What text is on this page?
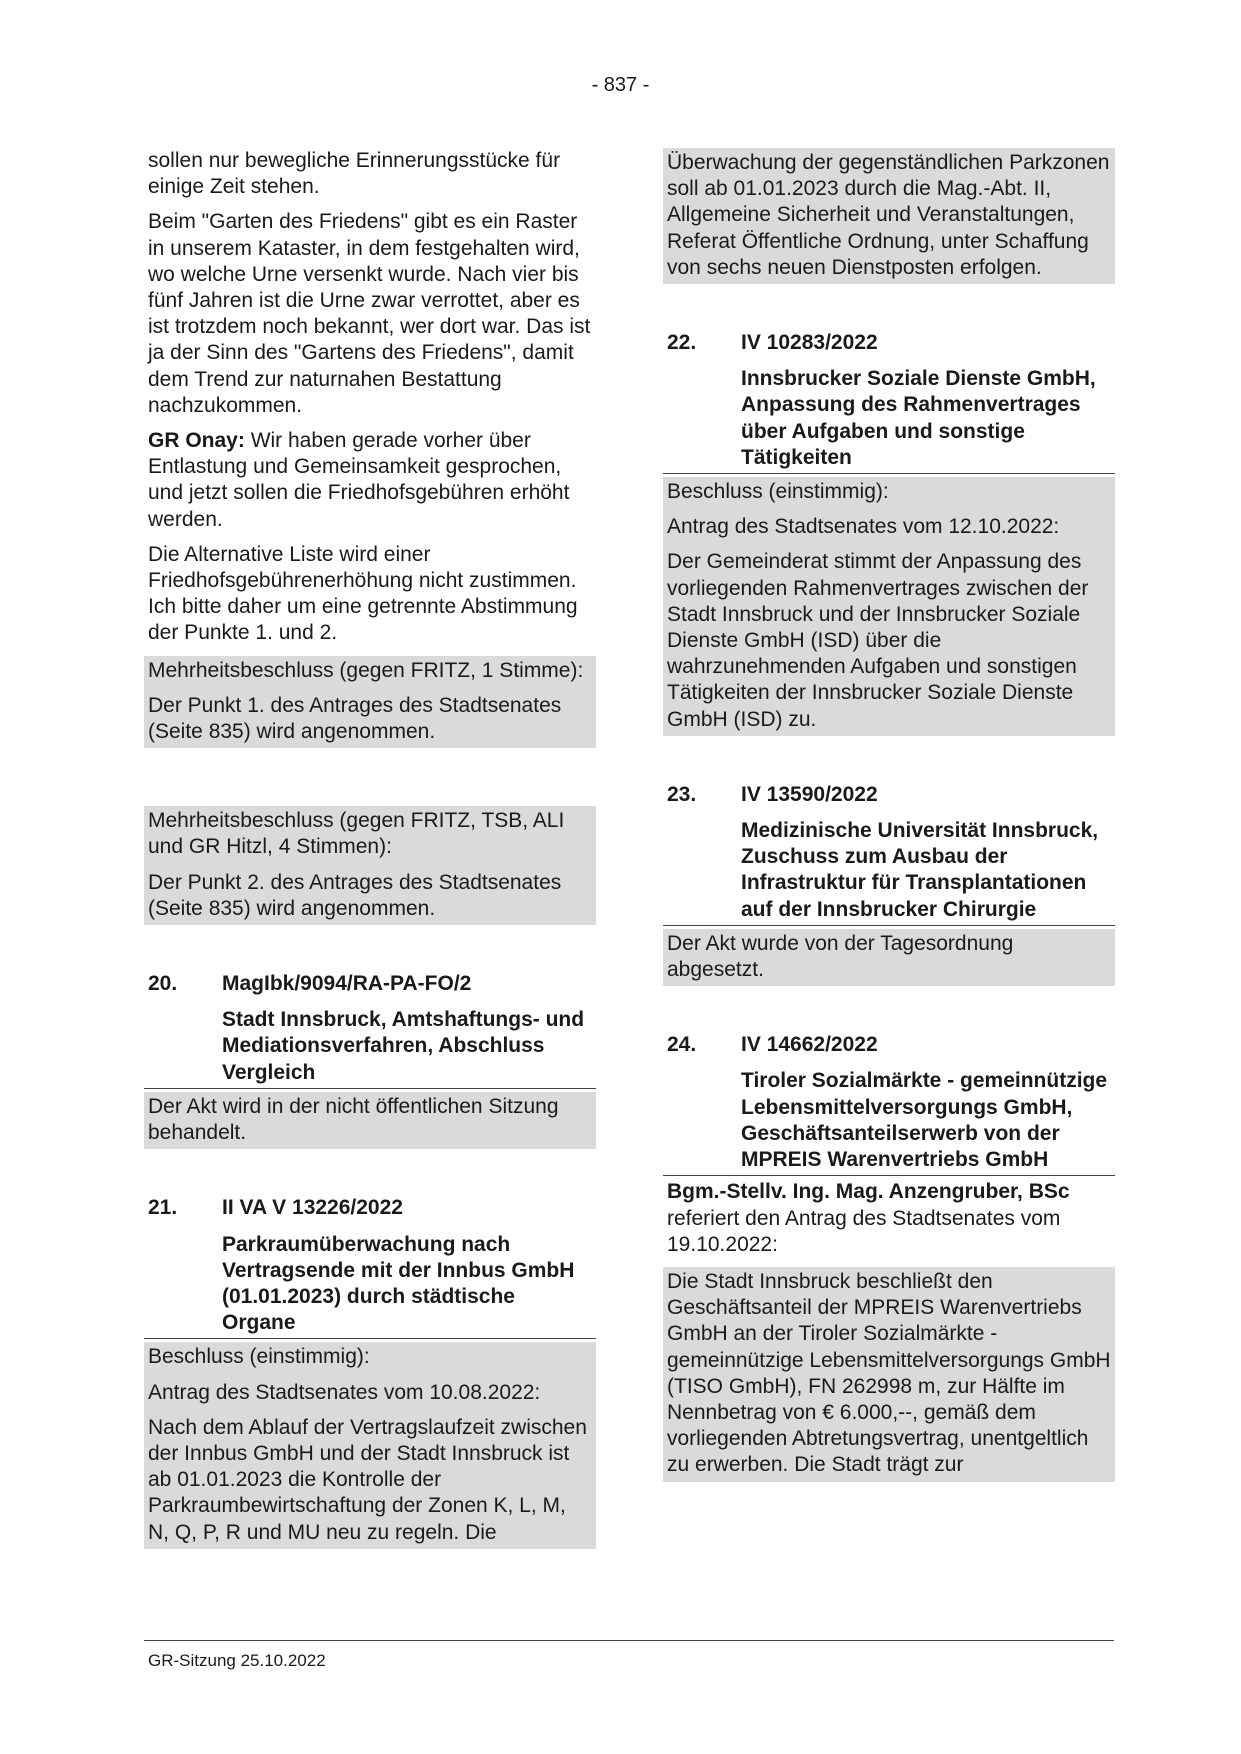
- 837 -

sollen nur bewegliche Erinnerungsstücke für einige Zeit stehen.

Beim "Garten des Friedens" gibt es ein Raster in unserem Kataster, in dem festgehalten wird, wo welche Urne versenkt wurde. Nach vier bis fünf Jahren ist die Urne zwar verrottet, aber es ist trotzdem noch bekannt, wer dort war. Das ist ja der Sinn des "Gartens des Friedens", damit dem Trend zur naturnahen Bestattung nachzukommen.

GR Onay: Wir haben gerade vorher über Entlastung und Gemeinsamkeit gesprochen, und jetzt sollen die Friedhofsgebühren erhöht werden.

Die Alternative Liste wird einer Friedhofsgebührenerhöhung nicht zustimmen. Ich bitte daher um eine getrennte Abstimmung der Punkte 1. und 2.

Mehrheitsbeschluss (gegen FRITZ, 1 Stimme):

Der Punkt 1. des Antrages des Stadtsenates (Seite 835) wird angenommen.

Mehrheitsbeschluss (gegen FRITZ, TSB, ALI und GR Hitzl, 4 Stimmen):

Der Punkt 2. des Antrages des Stadtsenates (Seite 835) wird angenommen.

20.	MagIbk/9094/RA-PA-FO/2
Stadt Innsbruck, Amtshaftungs- und Mediationsverfahren, Abschluss Vergleich

Der Akt wird in der nicht öffentlichen Sitzung behandelt.

21.	II VA V 13226/2022
Parkraumüberwachung nach Vertragsende mit der Innbus GmbH (01.01.2023) durch städtische Organe

Beschluss (einstimmig):

Antrag des Stadtsenates vom 10.08.2022:

Nach dem Ablauf der Vertragslaufzeit zwischen der Innbus GmbH und der Stadt Innsbruck ist ab 01.01.2023 die Kontrolle der Parkraumbewirtschaftung der Zonen K, L, M, N, Q, P, R und MU neu zu regeln. Die

Überwachung der gegenständlichen Parkzonen soll ab 01.01.2023 durch die Mag.-Abt. II, Allgemeine Sicherheit und Veranstaltungen, Referat Öffentliche Ordnung, unter Schaffung von sechs neuen Dienstposten erfolgen.

22.	IV 10283/2022
Innsbrucker Soziale Dienste GmbH, Anpassung des Rahmenvertrages über Aufgaben und sonstige Tätigkeiten

Beschluss (einstimmig):

Antrag des Stadtsenates vom 12.10.2022:

Der Gemeinderat stimmt der Anpassung des vorliegenden Rahmenvertrages zwischen der Stadt Innsbruck und der Innsbrucker Soziale Dienste GmbH (ISD) über die wahrzunehmenden Aufgaben und sonstigen Tätigkeiten der Innsbrucker Soziale Dienste GmbH (ISD) zu.

23.	IV 13590/2022
Medizinische Universität Innsbruck, Zuschuss zum Ausbau der Infrastruktur für Transplantationen auf der Innsbrucker Chirurgie

Der Akt wurde von der Tagesordnung abgesetzt.

24.	IV 14662/2022
Tiroler Sozialmärkte - gemeinnützige Lebensmittelversorgungs GmbH, Geschäftsanteilserwerb von der MPREIS Warenvertriebs GmbH

Bgm.-Stellv. Ing. Mag. Anzengruber, BSc
referiert den Antrag des Stadtsenates vom 19.10.2022:

Die Stadt Innsbruck beschließt den Geschäftsanteil der MPREIS Warenvertriebs GmbH an der Tiroler Sozialmärkte - gemeinnützige Lebensmittelversorgungs GmbH (TISO GmbH), FN 262998 m, zur Hälfte im Nennbetrag von € 6.000,--, gemäß dem vorliegenden Abtretungsvertrag, unentgeltlich zu erwerben. Die Stadt trägt zur

GR-Sitzung 25.10.2022
